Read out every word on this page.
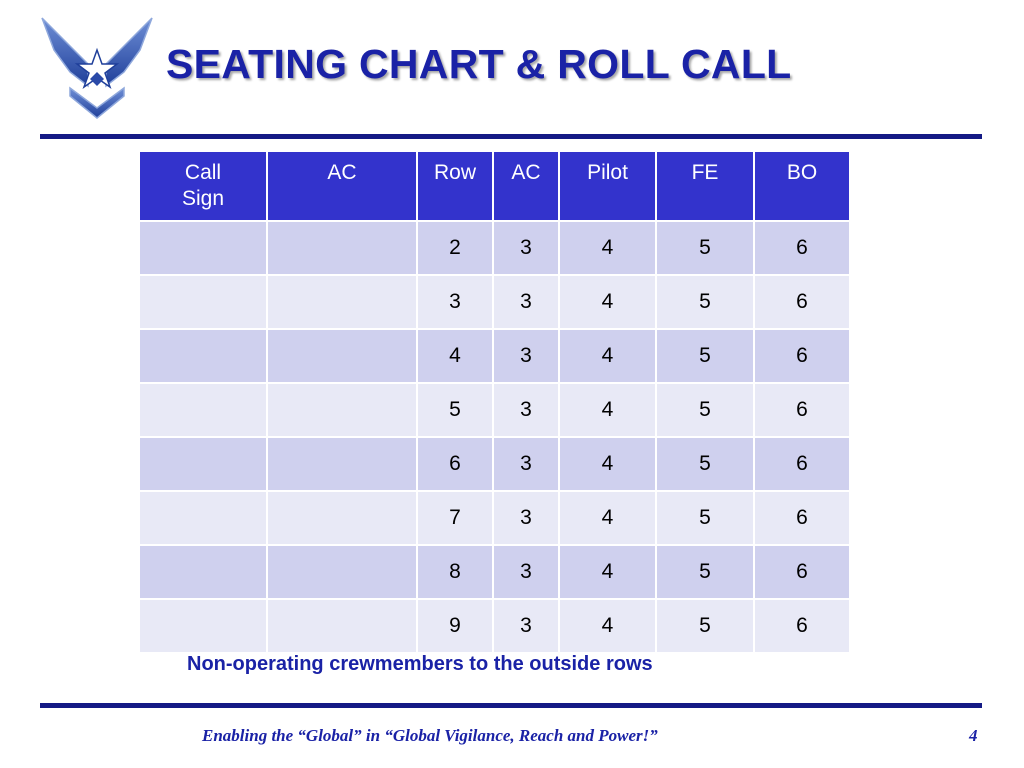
SEATING CHART & ROLL CALL
Call
Sign	AC	Row	AC	Pilot	FE	BO
		2	3	4	5	6
		3	3	4	5	6
		4	3	4	5	6
		5	3	4	5	6
		6	3	4	5	6
		7	3	4	5	6
		8	3	4	5	6
		9	3	4	5	6
Non-operating crewmembers to the outside rows
Enabling the “Global” in “Global Vigilance, Reach and Power!”	4
